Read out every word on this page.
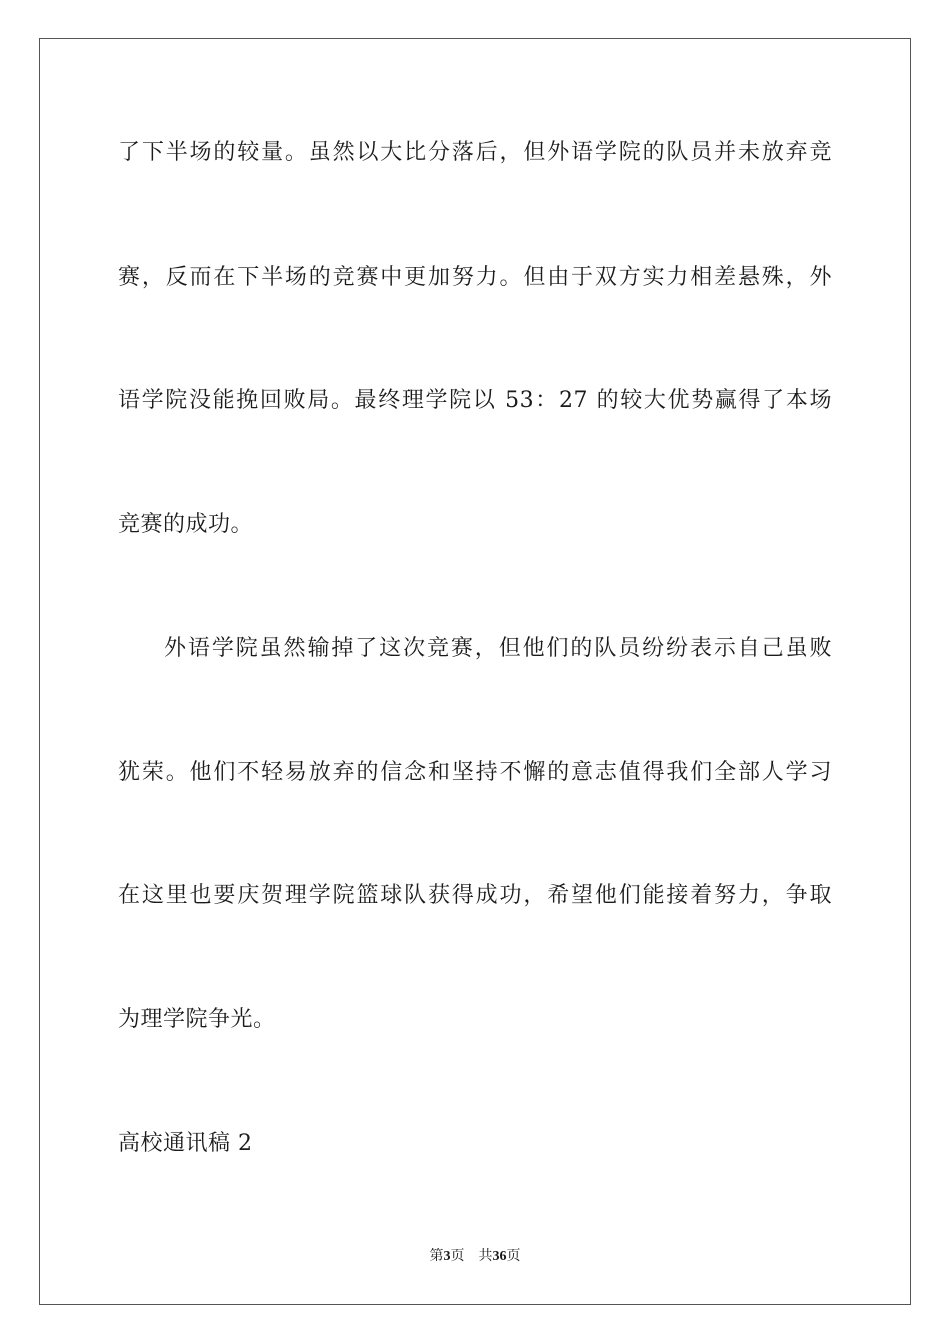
了下半场的较量。虽然以大比分落后，但外语学院的队员并未放弃竞
赛，反而在下半场的竞赛中更加努力。但由于双方实力相差悬殊，外
语学院没能挽回败局。最终理学院以 53：27 的较大优势赢得了本场
竞赛的成功。
外语学院虽然输掉了这次竞赛，但他们的队员纷纷表示自己虽败
犹荣。他们不轻易放弃的信念和坚持不懈的意志值得我们全部人学习
在这里也要庆贺理学院篮球队获得成功，希望他们能接着努力，争取
为理学院争光。
高校通讯稿 2
第3页 共36页
